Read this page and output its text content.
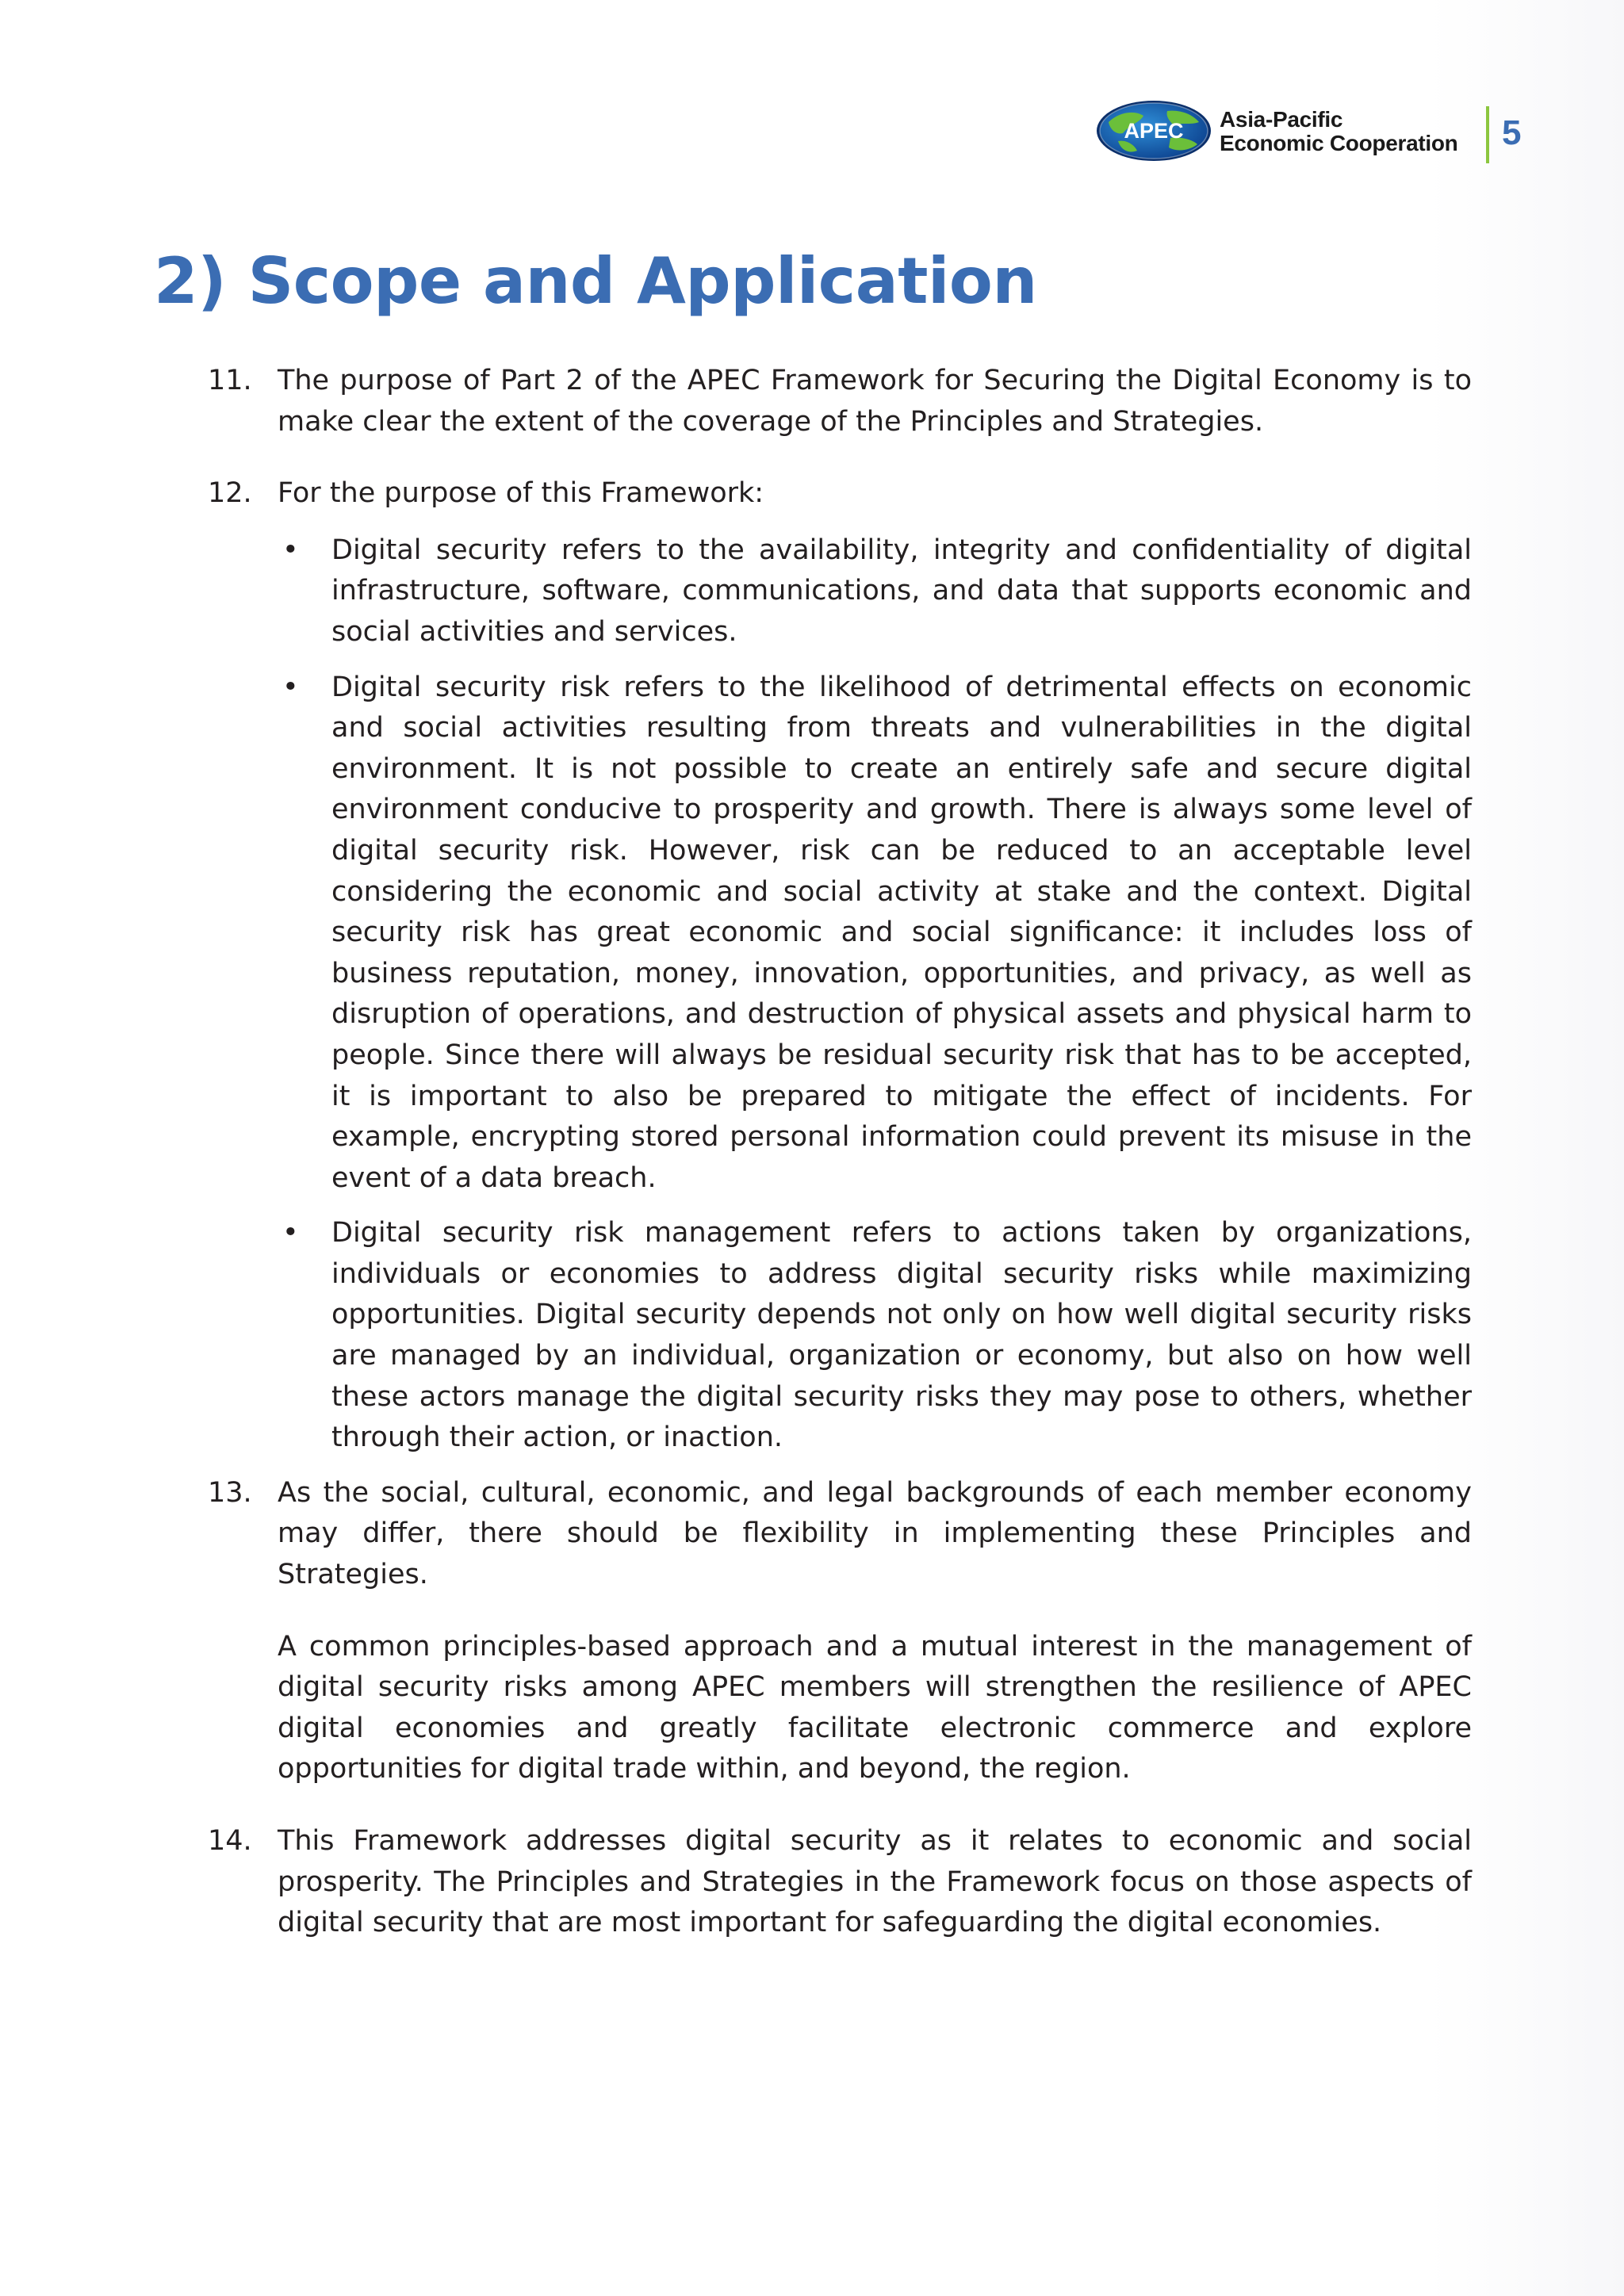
APEC Asia-Pacific
Economic Cooperation 5
2) Scope and Application
11. The purpose of Part 2 of the APEC Framework for Securing the Digital Economy is to make clear the extent of the coverage of the Principles and Strategies.
12. For the purpose of this Framework:
•	Digital security refers to the availability, integrity and confidentiality of digital infrastructure, software, communications, and data that supports economic and social activities and services.
•	Digital security risk refers to the likelihood of detrimental effects on economic and social activities resulting from threats and vulnerabilities in the digital environment. It is not possible to create an entirely safe and secure digital environment conducive to prosperity and growth. There is always some level of digital security risk. However, risk can be reduced to an acceptable level considering the economic and social activity at stake and the context. Digital security risk has great economic and social significance: it includes loss of business reputation, money, innovation, opportunities, and privacy, as well as disruption of operations, and destruction of physical assets and physical harm to people. Since there will always be residual security risk that has to be accepted, it is important to also be prepared to mitigate the effect of incidents. For example, encrypting stored personal information could prevent its misuse in the event of a data breach.
•	Digital security risk management refers to actions taken by organizations, individuals or economies to address digital security risks while maximizing opportunities. Digital security depends not only on how well digital security risks are managed by an individual, organization or economy, but also on how well these actors manage the digital security risks they may pose to others, whether through their action, or inaction.
13. As the social, cultural, economic, and legal backgrounds of each member economy may differ, there should be flexibility in implementing these Principles and Strategies.
A common principles-based approach and a mutual interest in the management of digital security risks among APEC members will strengthen the resilience of APEC digital economies and greatly facilitate electronic commerce and explore opportunities for digital trade within, and beyond, the region.
14. This Framework addresses digital security as it relates to economic and social prosperity. The Principles and Strategies in the Framework focus on those aspects of digital security that are most important for safeguarding the digital economies.
